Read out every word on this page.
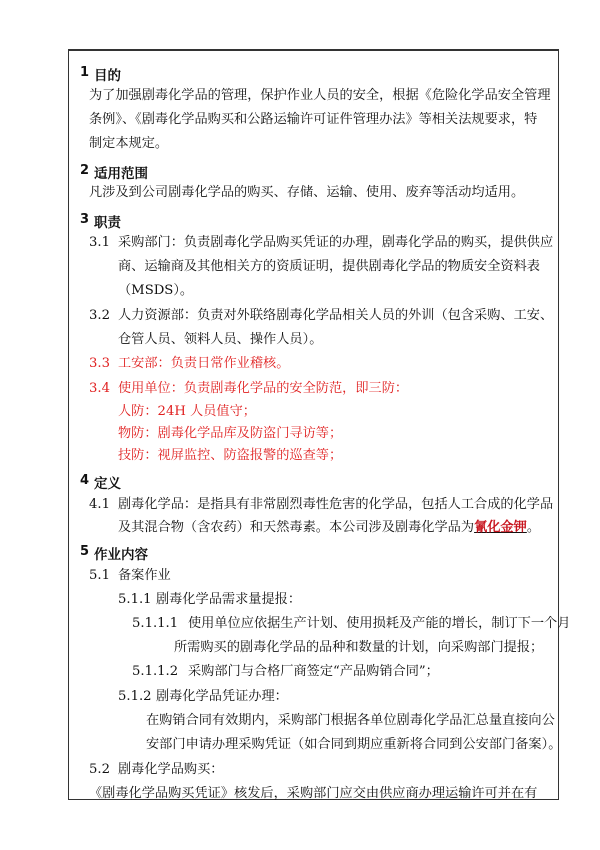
1 目的
为了加强剧毒化学品的管理，保护作业人员的安全，根据《危险化学品安全管理
条例》、《剧毒化学品购买和公路运输许可证件管理办法》等相关法规要求，特
制定本规定。
2 适用范围
凡涉及到公司剧毒化学品的购买、存储、运输、使用、废弃等活动均适用。
3 职责
3.1 采购部门：负责剧毒化学品购买凭证的办理，剧毒化学品的购买，提供供应
商、运输商及其他相关方的资质证明，提供剧毒化学品的物质安全资料表
（MSDS）。
3.2 人力资源部：负责对外联络剧毒化学品相关人员的外训（包含采购、工安、
仓管人员、领料人员、操作人员）。
3.3 工安部：负责日常作业稽核。
3.4 使用单位：负责剧毒化学品的安全防范，即三防：
人防：24H 人员值守；
物防：剧毒化学品库及防盗门寻访等；
技防：视屏监控、防盗报警的巡查等；
4 定义
4.1 剧毒化学品：是指具有非常剧烈毒性危害的化学品，包括人工合成的化学品
及其混合物（含农药）和天然毒素。本公司涉及剧毒化学品为氰化金钾。
5 作业内容
5.1 备案作业
5.1.1 剧毒化学品需求量提报：
5.1.1.1 使用单位应依据生产计划、使用损耗及产能的增长，制订下一个月
所需购买的剧毒化学品的品种和数量的计划，向采购部门提报；
5.1.1.2 采购部门与合格厂商签定“产品购销合同”；
5.1.2 剧毒化学品凭证办理：
在购销合同有效期内，采购部门根据各单位剧毒化学品汇总量直接向公
安部门申请办理采购凭证（如合同到期应重新将合同到公安部门备案）。
5.2 剧毒化学品购买：
《剧毒化学品购买凭证》核发后，采购部门应交由供应商办理运输许可并在有
